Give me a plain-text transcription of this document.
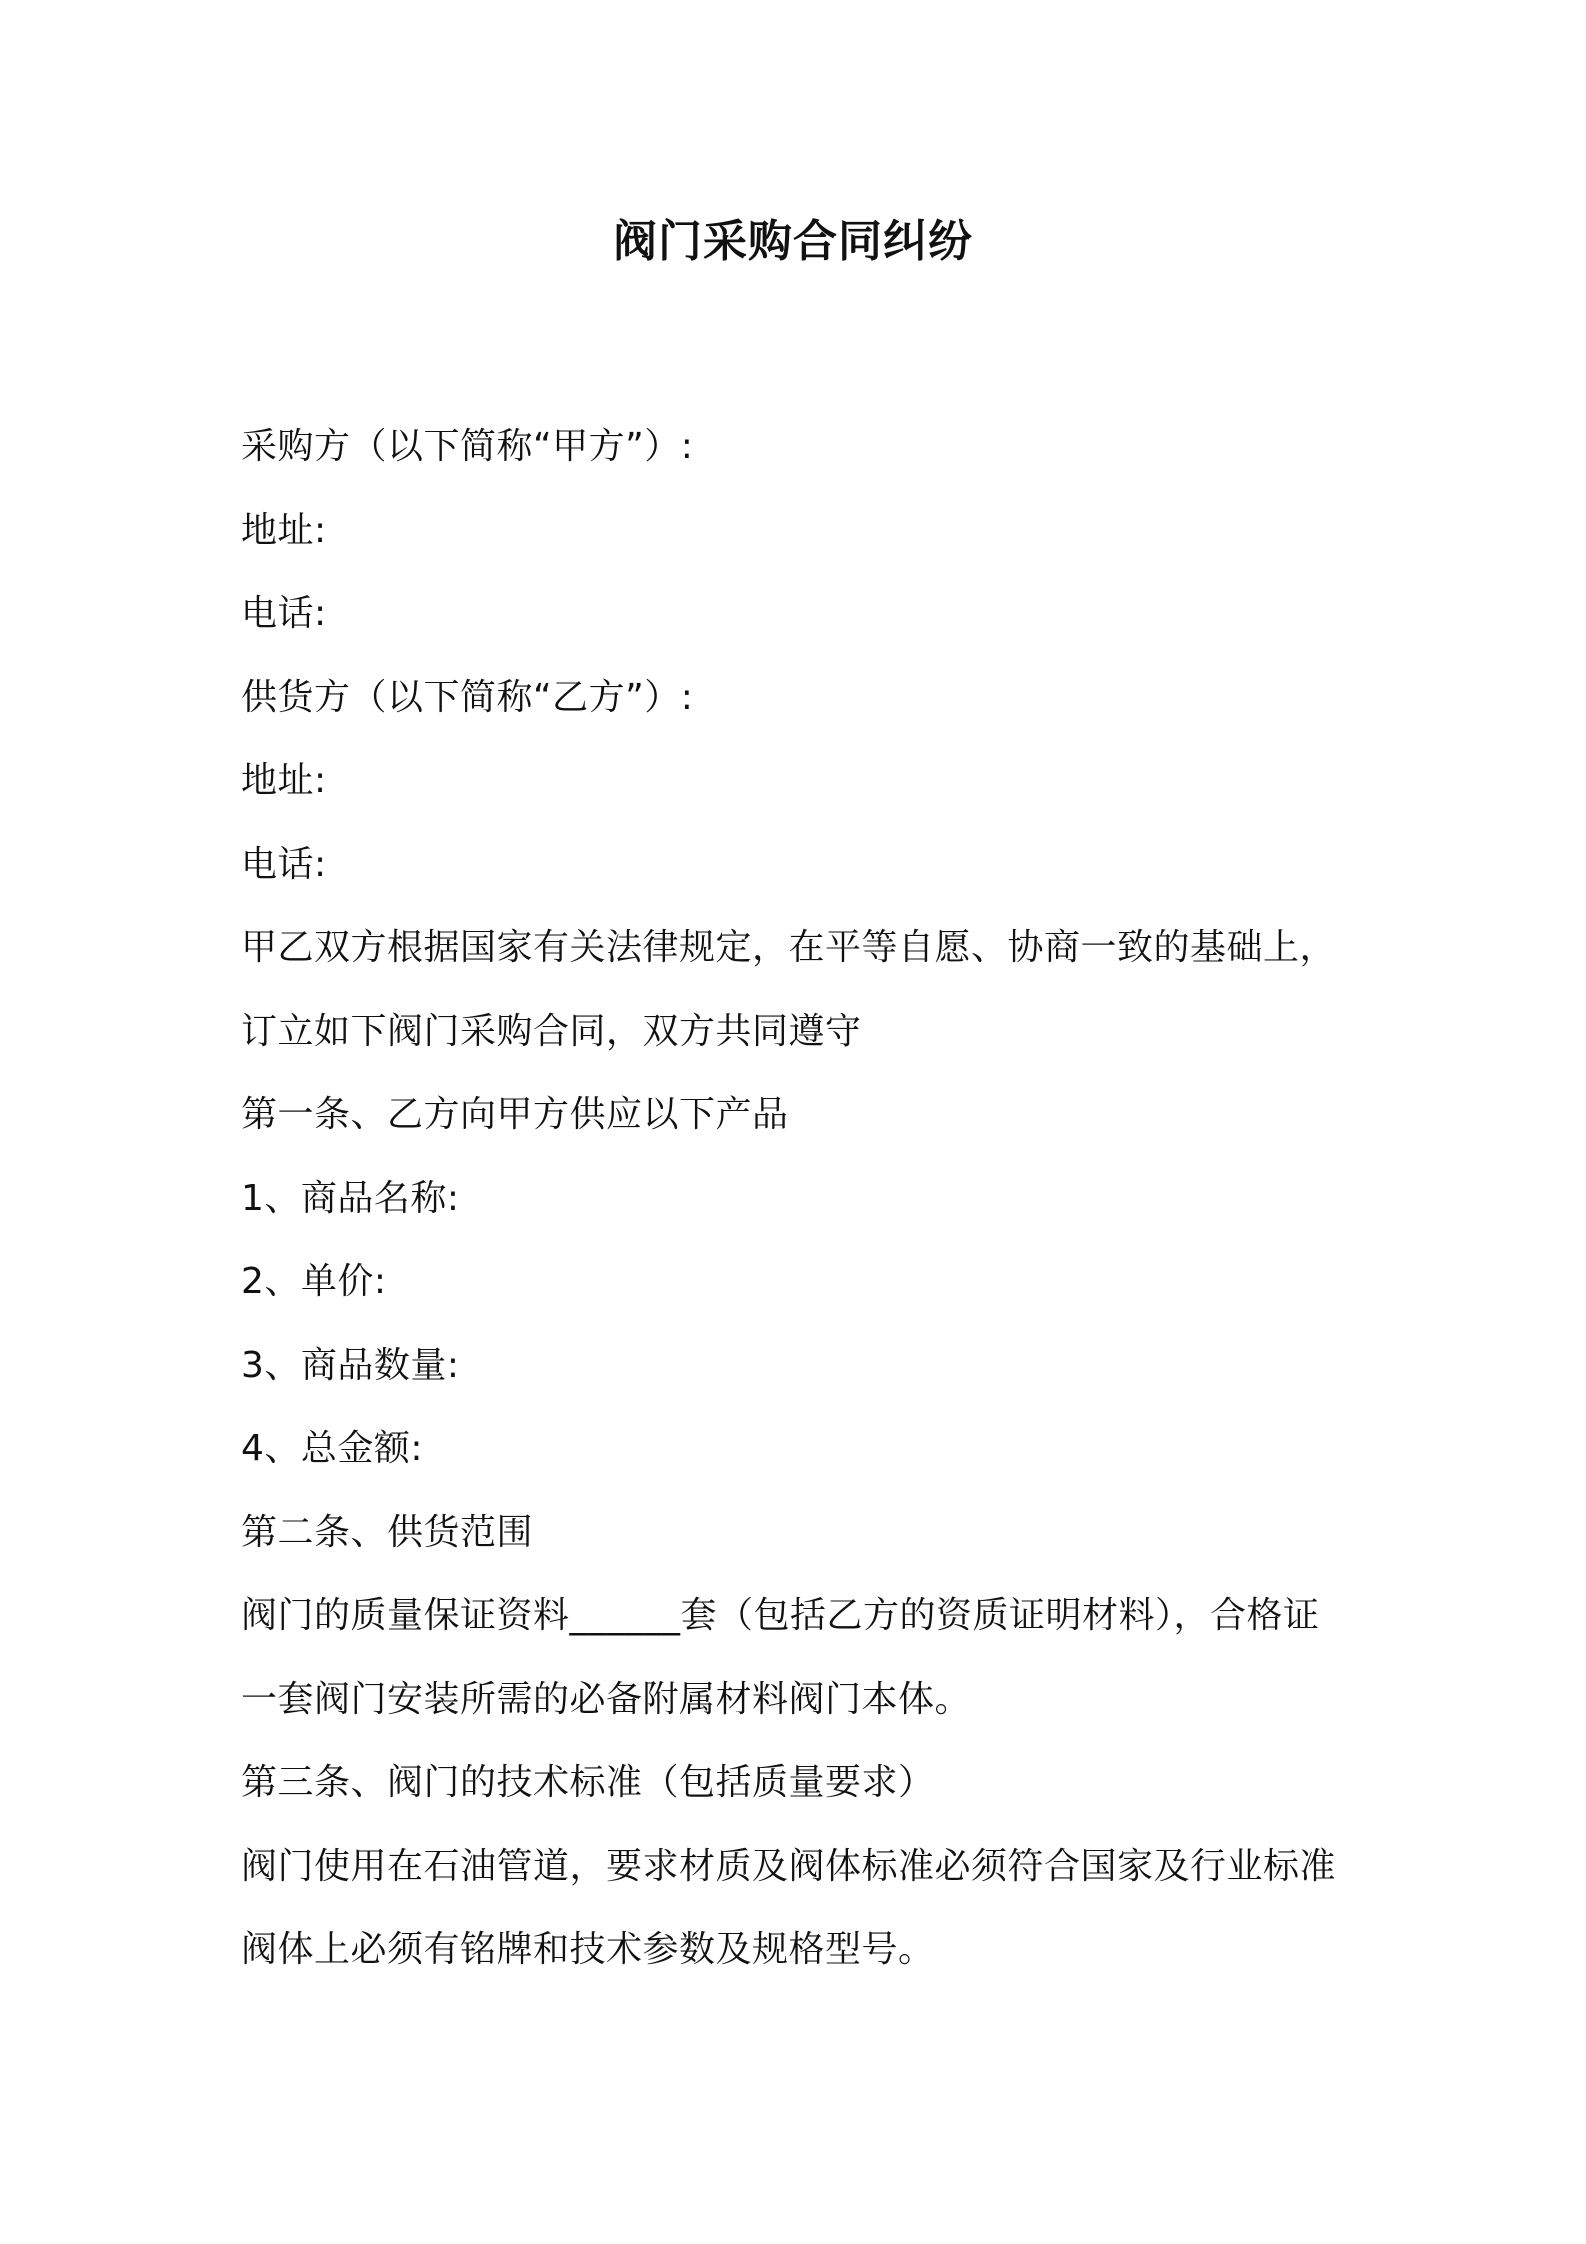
阀门采购合同纠纷
采购方（以下简称“甲方”）:
地址:
电话:
供货方（以下简称“乙方”）:
地址:
电话:
甲乙双方根据国家有关法律规定，在平等自愿、协商一致的基础上，
订立如下阀门采购合同，双方共同遵守
第一条、乙方向甲方供应以下产品
1、商品名称:
2、单价:
3、商品数量:
4、总金额:
第二条、供货范围
阀门的质量保证资料______套（包括乙方的资质证明材料），合格证
一套阀门安装所需的必备附属材料阀门本体。
第三条、阀门的技术标准（包括质量要求）
阀门使用在石油管道，要求材质及阀体标准必须符合国家及行业标准
阀体上必须有铭牌和技术参数及规格型号。
